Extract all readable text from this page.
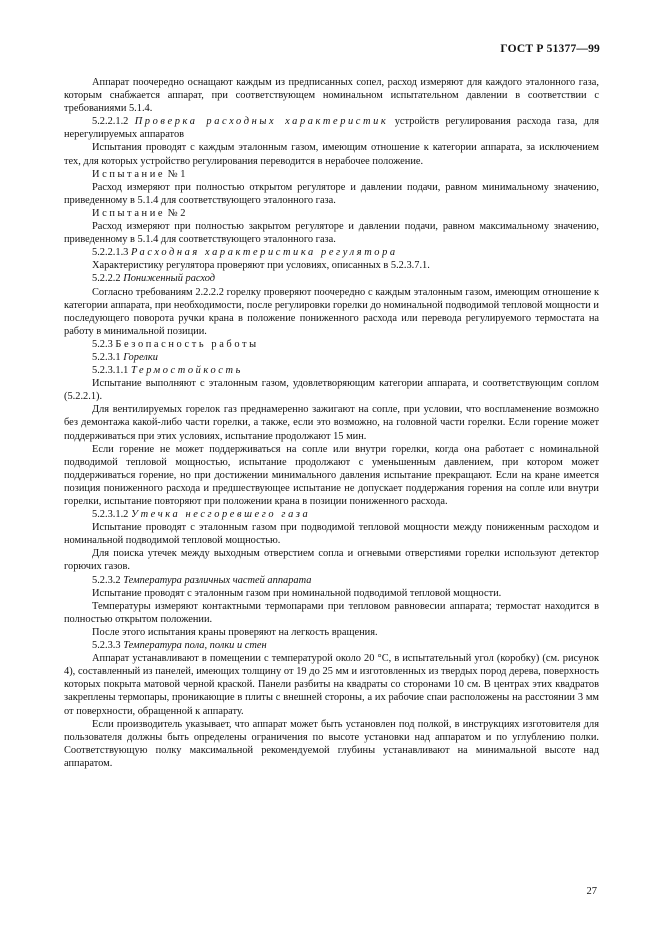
ГОСТ Р 51377—99

Аппарат поочередно оснащают каждым из предписанных сопел, расход измеряют для каждого эталонного газа, которым снабжается аппарат, при соответствующем номинальном испытательном давлении в соответствии с требованиями 5.1.4.

5.2.2.1.2 Проверка расходных характеристик устройств регулирования расхода газа, для нерегулируемых аппаратов

Испытания проводят с каждым эталонным газом, имеющим отношение к категории аппарата, за исключением тех, для которых устройство регулирования переводится в нерабочее положение.

Испытание № 1

Расход измеряют при полностью открытом регуляторе и давлении подачи, равном минимальному значению, приведенному в 5.1.4 для соответствующего эталонного газа.

Испытание № 2

Расход измеряют при полностью закрытом регуляторе и давлении подачи, равном максимальному значению, приведенному в 5.1.4 для соответствующего эталонного газа.

5.2.2.1.3 Расходная характеристика регулятора

Характеристику регулятора проверяют при условиях, описанных в 5.2.3.7.1.

5.2.2.2 Пониженный расход

Согласно требованиям 2.2.2.2 горелку проверяют поочередно с каждым эталонным газом, имеющим отношение к категории аппарата, при необходимости, после регулировки горелки до номинальной подводимой тепловой мощности и последующего поворота ручки крана в положение пониженного расхода или перевода регулируемого термостата на работу в минимальной позиции.

5.2.3 Безопасность работы

5.2.3.1 Горелки

5.2.3.1.1 Термостойкость

Испытание выполняют с эталонным газом, удовлетворяющим категории аппарата, и соответствующим соплом (5.2.2.1).

Для вентилируемых горелок газ преднамеренно зажигают на сопле, при условии, что воспламенение возможно без демонтажа какой-либо части горелки, а также, если это возможно, на головной части горелки. Если горение может поддерживаться при этих условиях, испытание продолжают 15 мин.

Если горение не может поддерживаться на сопле или внутри горелки, когда она работает с номинальной подводимой тепловой мощностью, испытание продолжают с уменьшенным давлением, при котором может поддерживаться горение, но при достижении минимального давления испытание прекращают. Если на кране имеется позиция пониженного расхода и предшествующее испытание не допускает поддержания горения на сопле или внутри горелки, испытание повторяют при положении крана в позиции пониженного расхода.

5.2.3.1.2 Утечка несгоревшего газа

Испытание проводят с эталонным газом при подводимой тепловой мощности между пониженным расходом и номинальной подводимой тепловой мощностью.

Для поиска утечек между выходным отверстием сопла и огневыми отверстиями горелки используют детектор горючих газов.

5.2.3.2 Температура различных частей аппарата

Испытание проводят с эталонным газом при номинальной подводимой тепловой мощности.

Температуры измеряют контактными термопарами при тепловом равновесии аппарата; термостат находится в полностью открытом положении.

После этого испытания краны проверяют на легкость вращения.

5.2.3.3 Температура пола, полки и стен

Аппарат устанавливают в помещении с температурой около 20 °С, в испытательный угол (коробку) (см. рисунок 4), составленный из панелей, имеющих толщину от 19 до 25 мм и изготовленных из твердых пород дерева, поверхность которых покрыта матовой черной краской. Панели разбиты на квадраты со сторонами 10 см. В центрах этих квадратов закреплены термопары, проникающие в плиты с внешней стороны, а их рабочие спаи расположены на расстоянии 3 мм от поверхности, обращенной к аппарату.

Если производитель указывает, что аппарат может быть установлен под полкой, в инструкциях изготовителя для пользователя должны быть определены ограничения по высоте установки над аппаратом и по углублению полки. Соответствующую полку максимальной рекомендуемой глубины устанавливают на минимальной высоте над аппаратом.

27
